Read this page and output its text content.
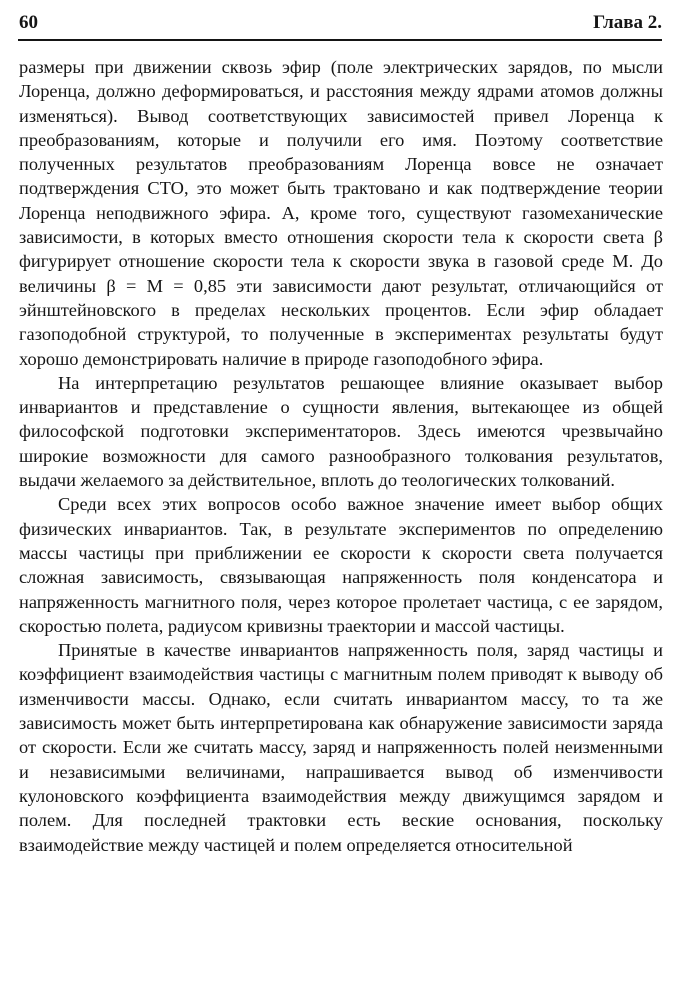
60	Глава 2.

размеры при движении сквозь эфир (поле электрических зарядов, по мысли Лоренца, должно деформироваться, и расстояния между ядрами атомов должны изменяться). Вывод соответствующих зависимостей привел Лоренца к преобразованиям, которые и получили его имя. Поэтому соответствие полученных результатов преобразованиям Лоренца вовсе не означает подтверждения СТО, это может быть трактовано и как подтверждение теории Лоренца неподвижного эфира. А, кроме того, существуют газомеханические зависимости, в которых вместо отношения скорости тела к скорости света β фигурирует отношение скорости тела к скорости звука в газовой среде M. До величины β = M = 0,85 эти зависимости дают результат, отличающийся от эйнштейновского в пределах нескольких процентов. Если эфир обладает газоподобной структурой, то полученные в экспериментах результаты будут хорошо демонстрировать наличие в природе газоподобного эфира.

На интерпретацию результатов решающее влияние оказывает выбор инвариантов и представление о сущности явления, вытекающее из общей философской подготовки экспериментаторов. Здесь имеются чрезвычайно широкие возможности для самого разнообразного толкования результатов, выдачи желаемого за действительное, вплоть до теологических толкований.

Среди всех этих вопросов особо важное значение имеет выбор общих физических инвариантов. Так, в результате экспериментов по определению массы частицы при приближении ее скорости к скорости света получается сложная зависимость, связывающая напряженность поля конденсатора и напряженность магнитного поля, через которое пролетает частица, с ее зарядом, скоростью полета, радиусом кривизны траектории и массой частицы.

Принятые в качестве инвариантов напряженность поля, заряд частицы и коэффициент взаимодействия частицы с магнитным полем приводят к выводу об изменчивости массы. Однако, если считать инвариантом массу, то та же зависимость может быть интерпретирована как обнаружение зависимости заряда от скорости. Если же считать массу, заряд и напряженность полей неизменными и независимыми величинами, напрашивается вывод об изменчивости кулоновского коэффициента взаимодействия между движущимся зарядом и полем. Для последней трактовки есть веские основания, поскольку взаимодействие между частицей и полем определяется относительной
